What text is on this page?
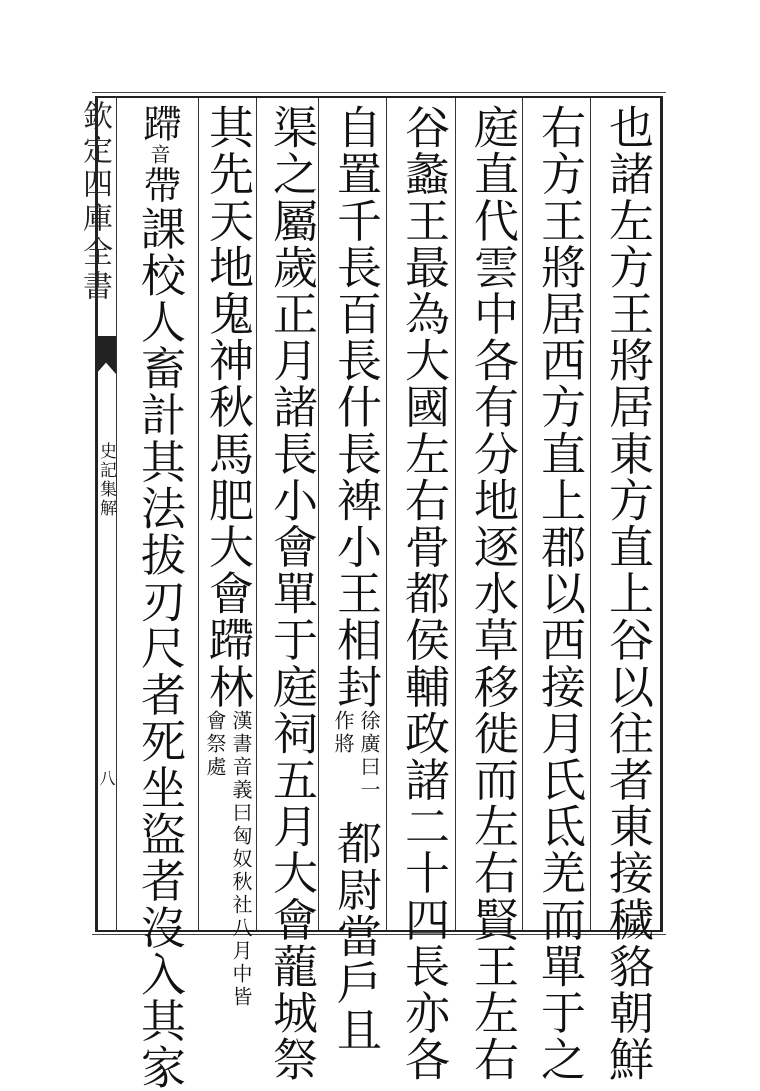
欽定四庫全書
史記集解
八	也諸左方王將居東方直上谷以往者東接穢貉朝鮮
右方王將居西方直上郡以西接月氏氐羌而單于之
庭直代雲中各有分地逐水草移徙而左右賢王左右
谷蠡王最為大國左右骨都侯輔政諸二十四長亦各
自置千長百長什長裨小王相封徐廣曰一作將都尉當戶且
渠之屬歲正月諸長小會單于庭祠五月大會蘢城祭
其先天地鬼神秋馬肥大會蹛林漢書音義曰匈奴秋社八月中皆會祭處
蹛音帶課校人畜計其法拔刃尺者死坐盜者沒入其家
